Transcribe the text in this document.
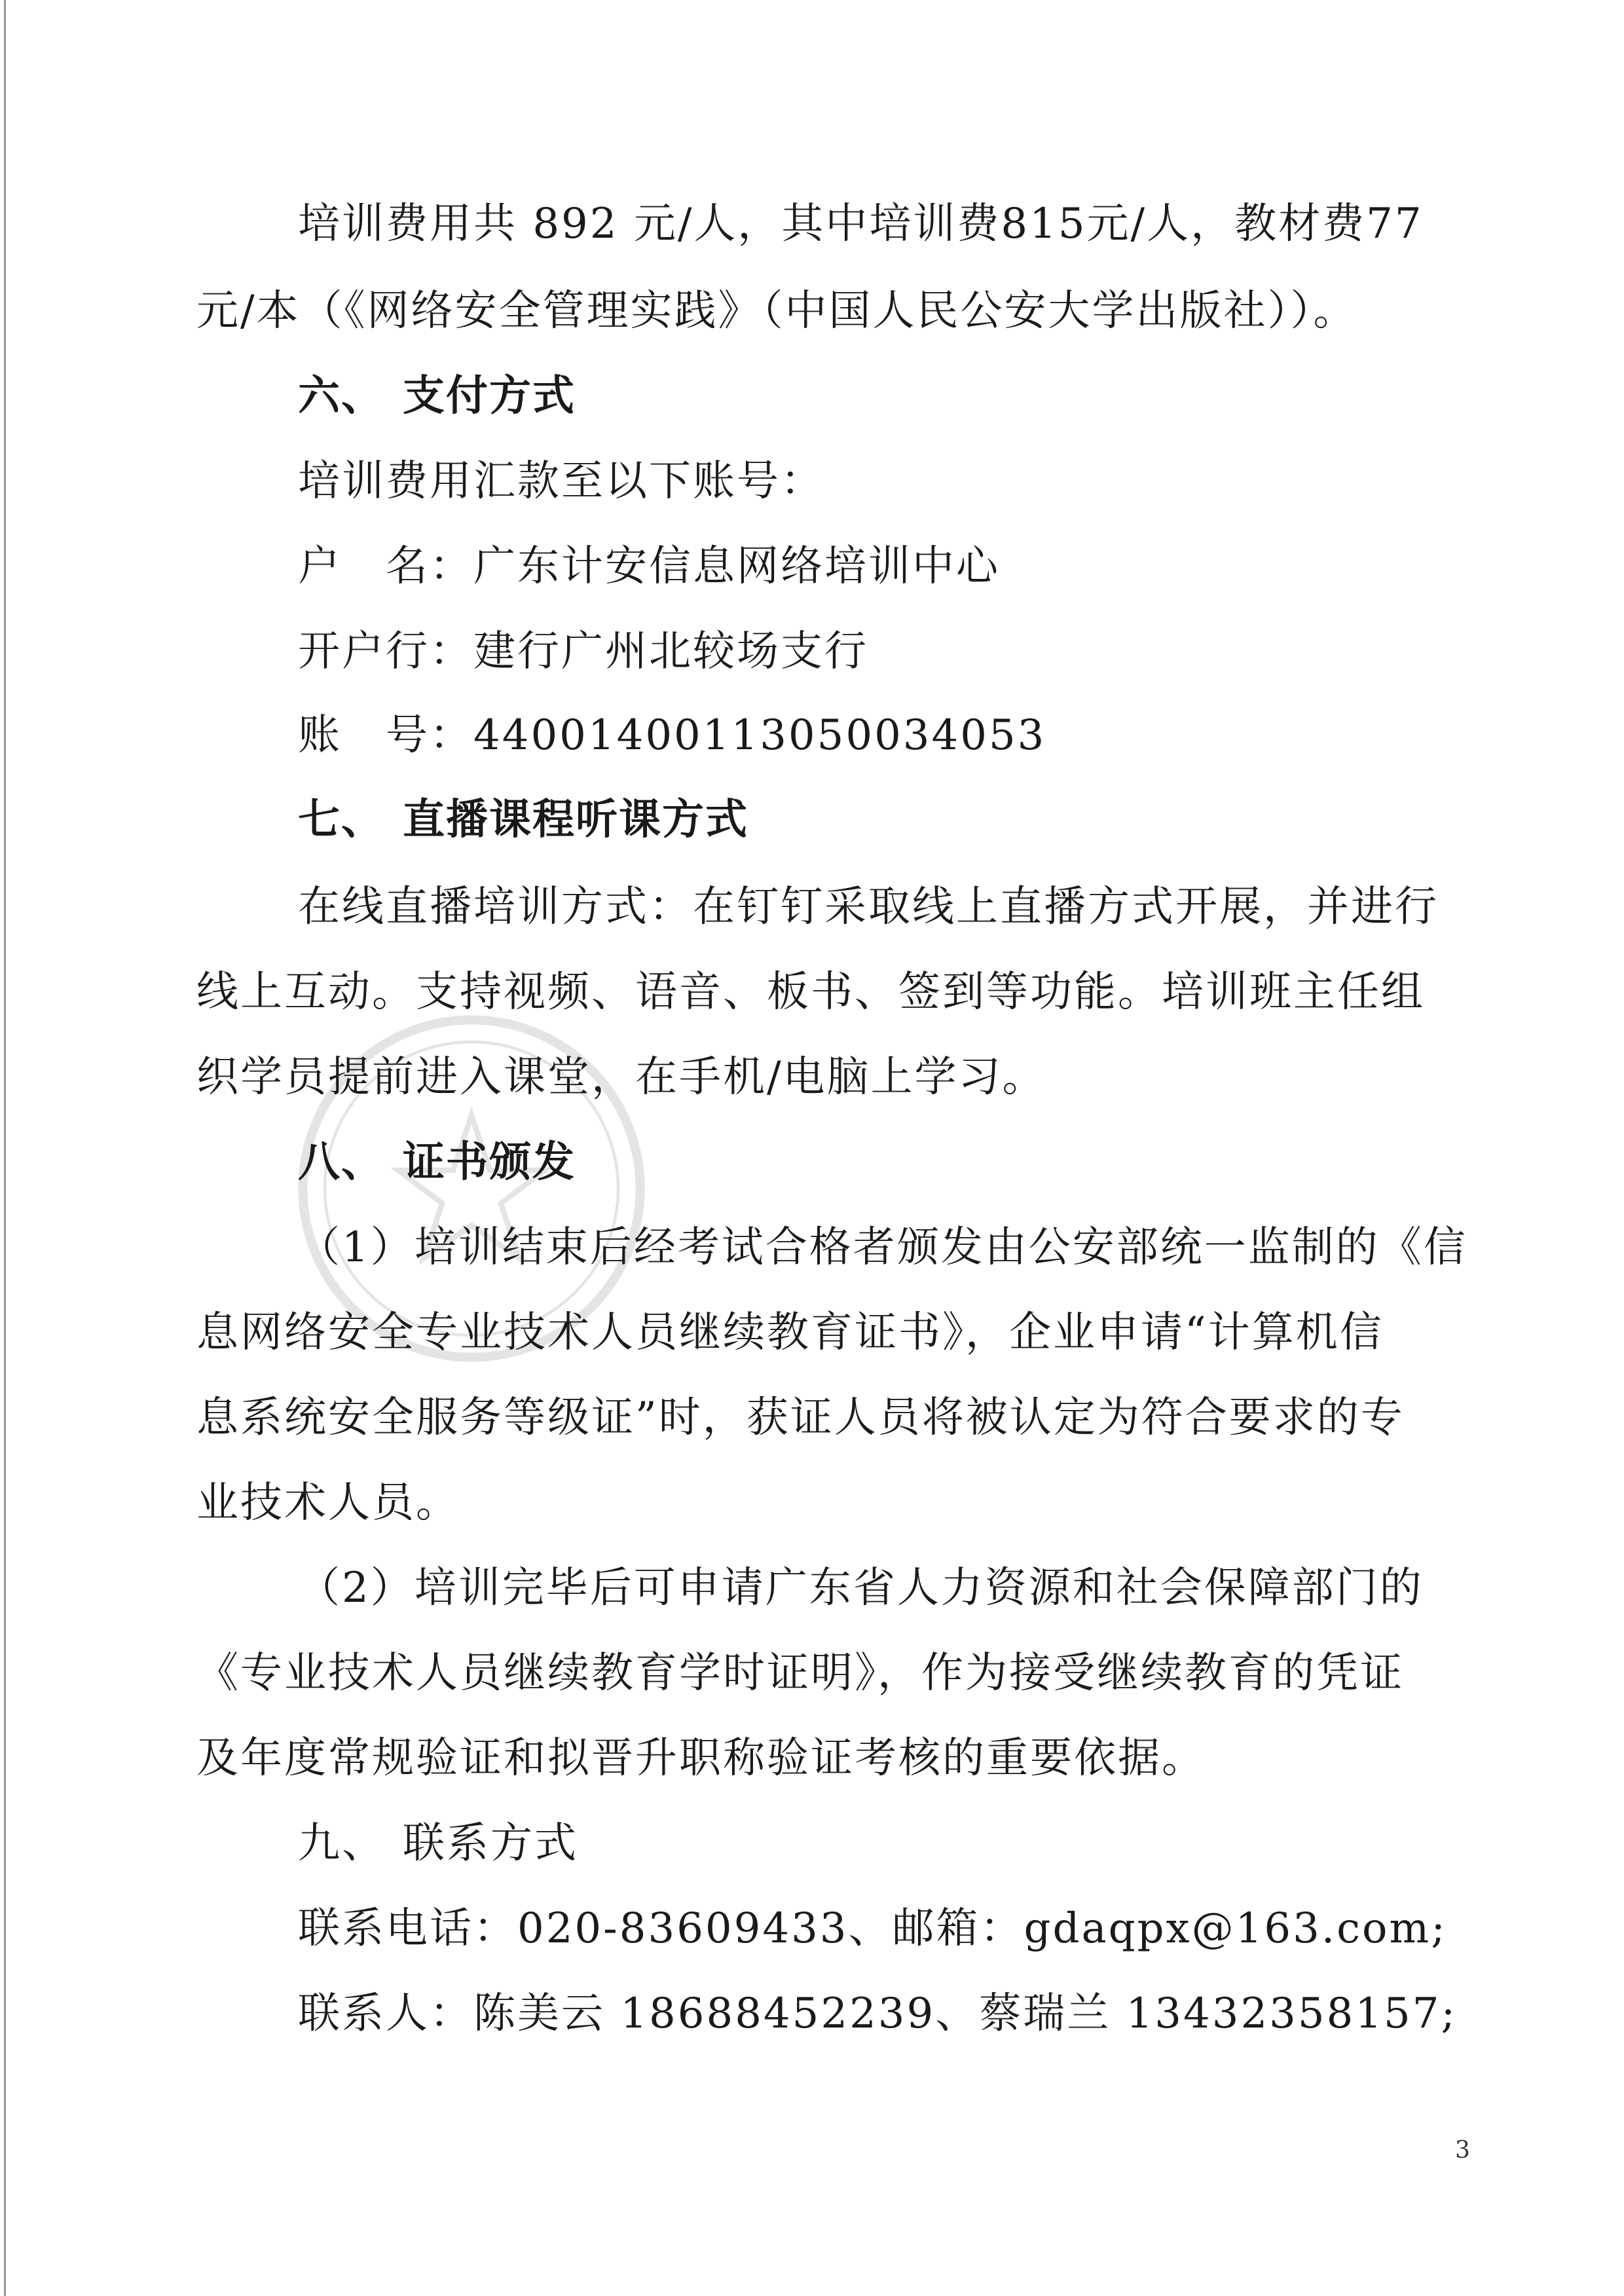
培训费用共 892 元/人，其中培训费815元/人，教材费77
元/本（《网络安全管理实践》（中国人民公安大学出版社））。
六、 支付方式
培训费用汇款至以下账号：
户　名：广东计安信息网络培训中心
开户行：建行广州北较场支行
账　号：44001400113050034053
七、 直播课程听课方式
在线直播培训方式：在钉钉采取线上直播方式开展，并进行
线上互动。支持视频、语音、板书、签到等功能。培训班主任组
织学员提前进入课堂，在手机/电脑上学习。
八、 证书颁发
（1）培训结束后经考试合格者颁发由公安部统一监制的《信
息网络安全专业技术人员继续教育证书》，企业申请“计算机信
息系统安全服务等级证”时，获证人员将被认定为符合要求的专
业技术人员。
（2）培训完毕后可申请广东省人力资源和社会保障部门的
《专业技术人员继续教育学时证明》，作为接受继续教育的凭证
及年度常规验证和拟晋升职称验证考核的重要依据。
九、 联系方式
联系电话：020-83609433、邮箱：gdaqpx@163.com;
联系人：陈美云 18688452239、蔡瑞兰 13432358157;
3
